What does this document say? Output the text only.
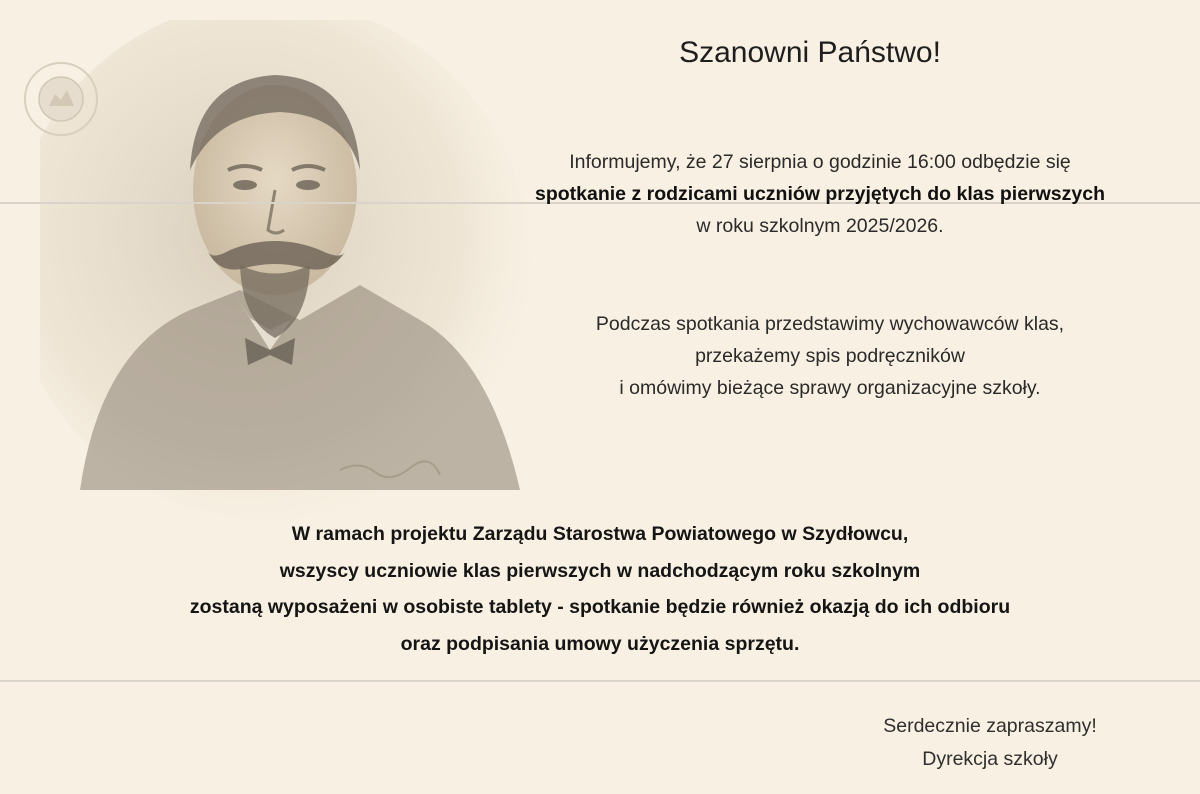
Szanowni Państwo!
Informujemy, że 27 sierpnia o godzinie 16:00 odbędzie się
spotkanie z rodzicami uczniów przyjętych do klas pierwszych
w roku szkolnym 2025/2026.
Podczas spotkania przedstawimy wychowawców klas,
przekażemy spis podręczników
i omówimy bieżące sprawy organizacyjne szkoły.
W ramach projektu Zarządu Starostwa Powiatowego w Szydłowcu,
wszyscy uczniowie klas pierwszych w nadchodzącym roku szkolnym
zostaną wyposażeni w osobiste tablety - spotkanie będzie również okazją do ich odbioru
oraz podpisania umowy użyczenia sprzętu.
Serdecznie zapraszamy!
Dyrekcja szkoły
